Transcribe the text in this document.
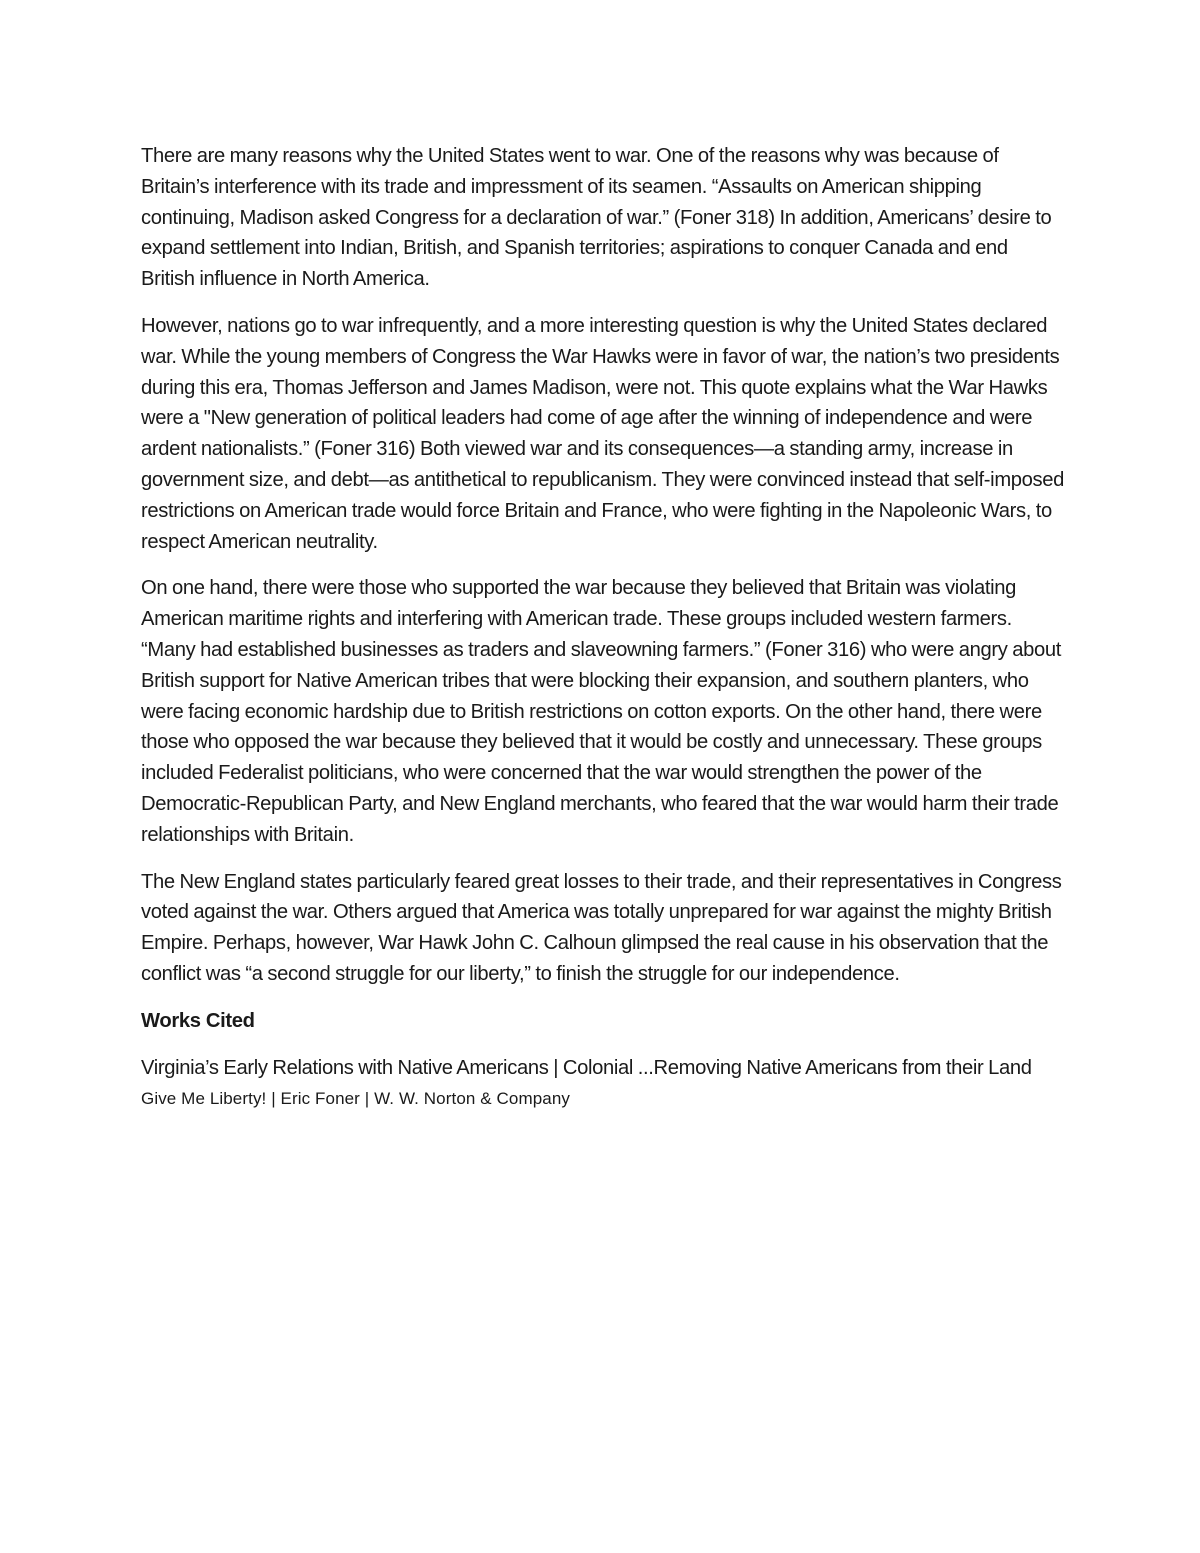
There are many reasons why the United States went to war. One of the reasons why was because of Britain’s interference with its trade and impressment of its seamen. “Assaults on American shipping continuing, Madison asked Congress for a declaration of war.” (Foner 318) In addition, Americans’ desire to expand settlement into Indian, British, and Spanish territories; aspirations to conquer Canada and end British influence in North America.

However, nations go to war infrequently, and a more interesting question is why the United States declared war. While the young members of Congress the War Hawks were in favor of war, the nation’s two presidents during this era, Thomas Jefferson and James Madison, were not. This quote explains what the War Hawks were a "New generation of political leaders had come of age after the winning of independence and were ardent nationalists.” (Foner 316) Both viewed war and its consequences—a standing army, increase in government size, and debt—as antithetical to republicanism. They were convinced instead that self-imposed restrictions on American trade would force Britain and France, who were fighting in the Napoleonic Wars, to respect American neutrality.

On one hand, there were those who supported the war because they believed that Britain was violating American maritime rights and interfering with American trade. These groups included western farmers. “Many had established businesses as traders and slaveowning farmers.” (Foner 316) who were angry about British support for Native American tribes that were blocking their expansion, and southern planters, who were facing economic hardship due to British restrictions on cotton exports. On the other hand, there were those who opposed the war because they believed that it would be costly and unnecessary. These groups included Federalist politicians, who were concerned that the war would strengthen the power of the Democratic-Republican Party, and New England merchants, who feared that the war would harm their trade relationships with Britain.

The New England states particularly feared great losses to their trade, and their representatives in Congress voted against the war. Others argued that America was totally unprepared for war against the mighty British Empire. Perhaps, however, War Hawk John C. Calhoun glimpsed the real cause in his observation that the conflict was “a second struggle for our liberty,” to finish the struggle for our independence.

Works Cited

Virginia’s Early Relations with Native Americans | Colonial ...Removing Native Americans from their Land

Give Me Liberty! | Eric Foner | W. W. Norton & Company
